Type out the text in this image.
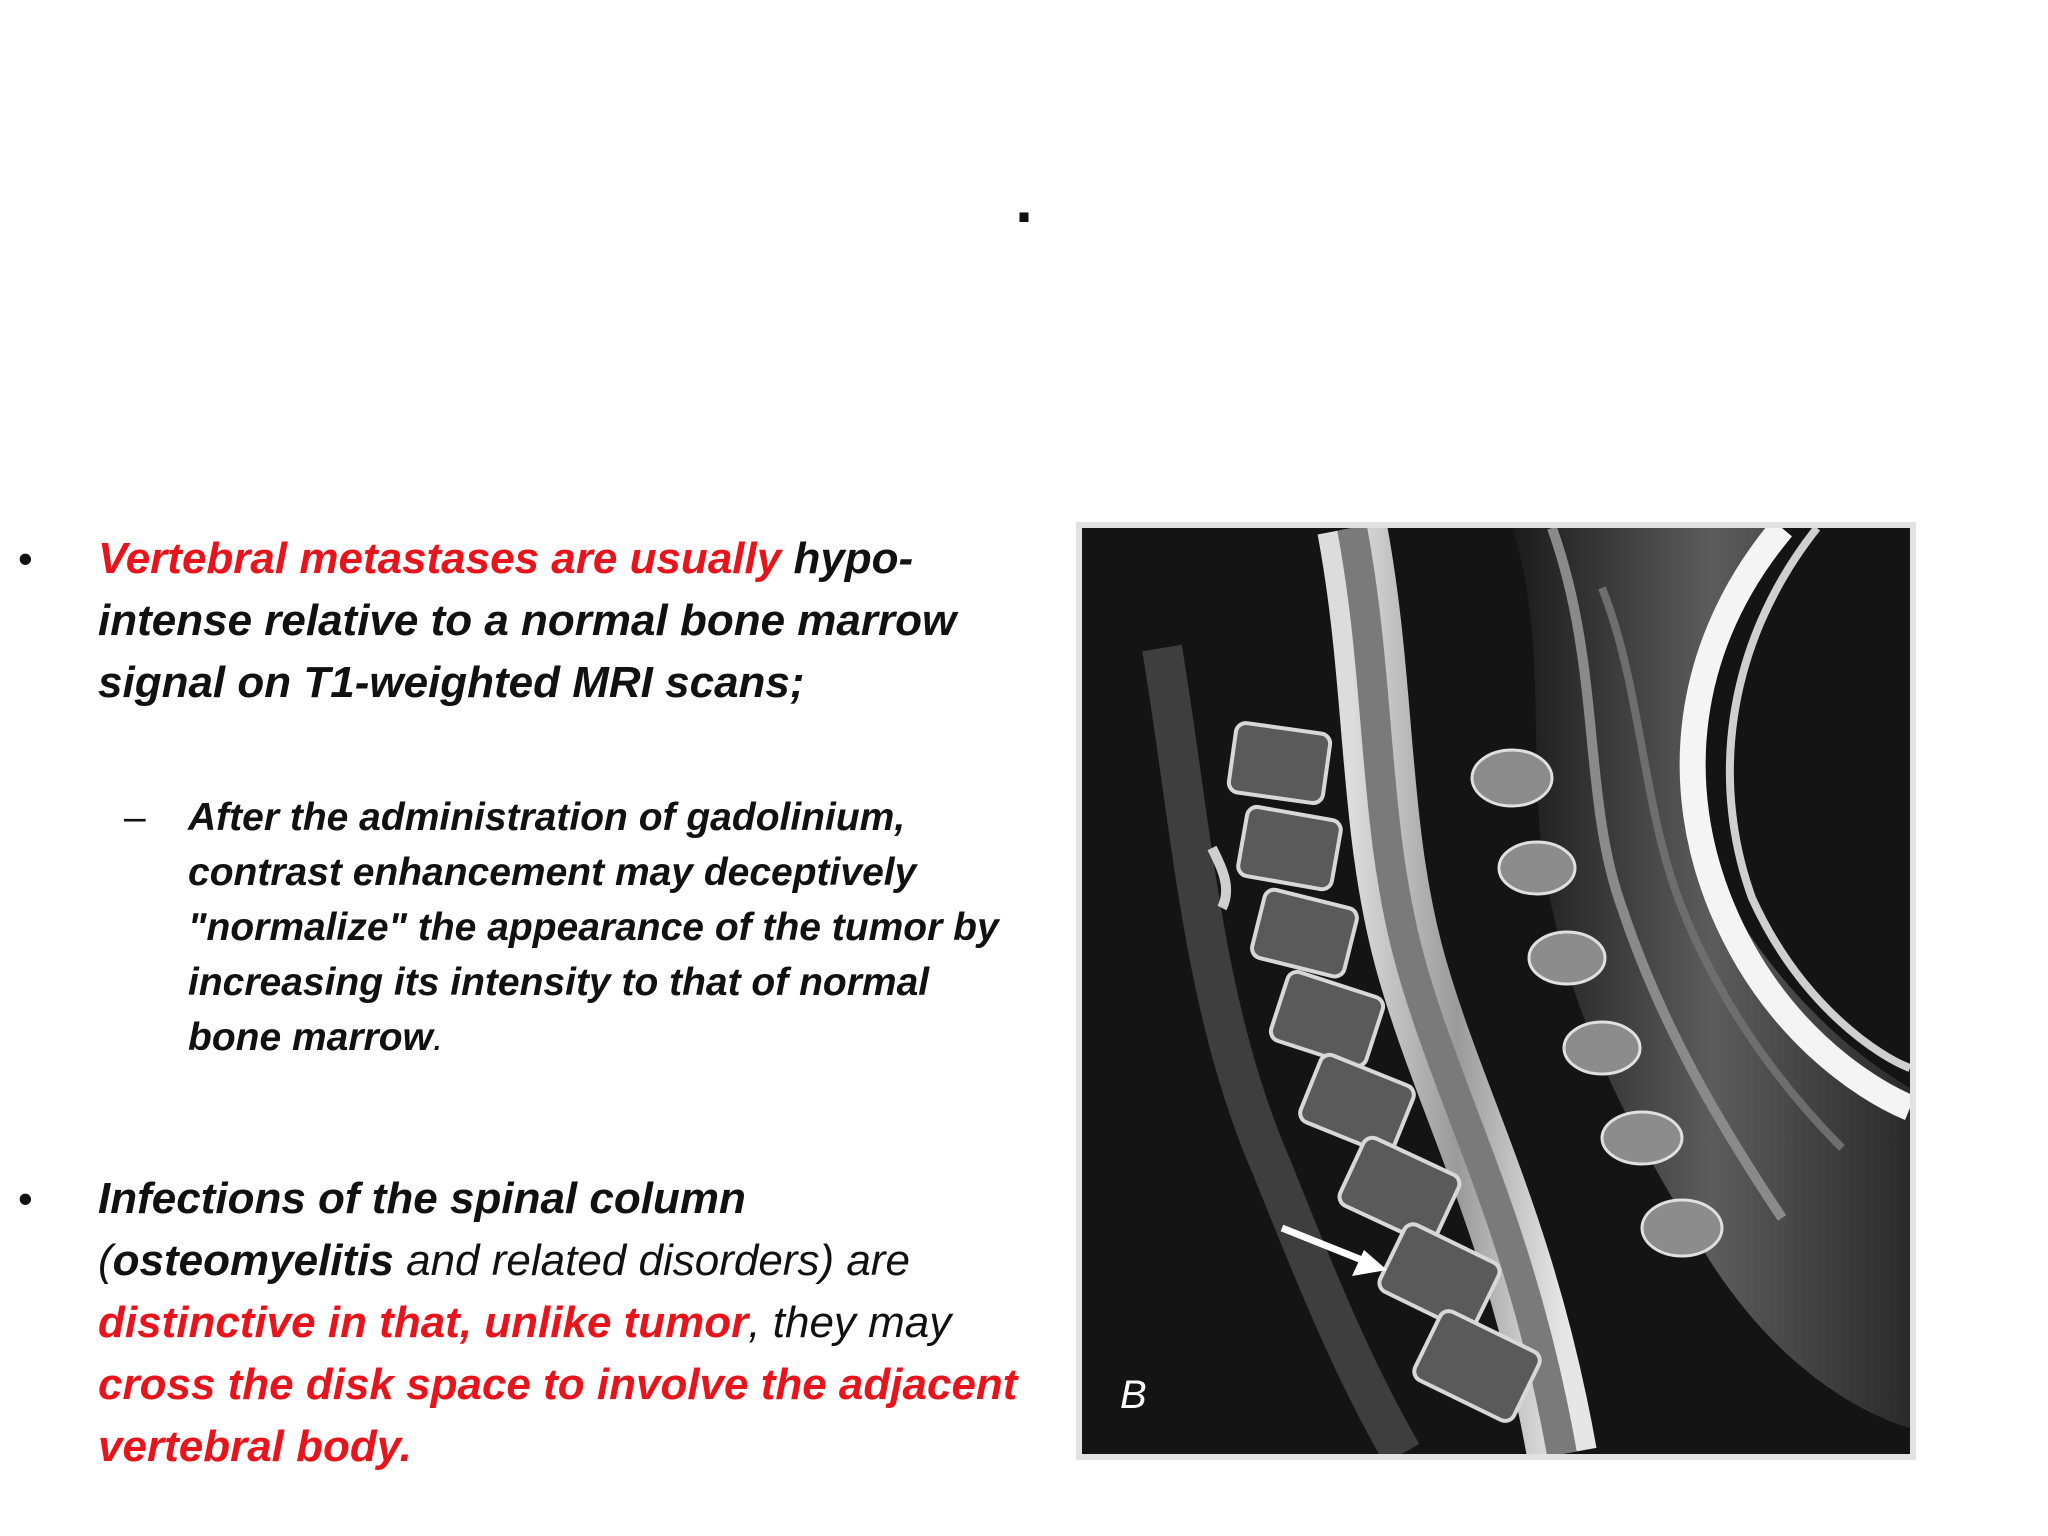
.
• Vertebral metastases are usually hypo-intense relative to a normal bone marrow signal on T1-weighted MRI scans;
– After the administration of gadolinium, contrast enhancement may deceptively "normalize" the appearance of the tumor by increasing its intensity to that of normal bone marrow.
• Infections of the spinal column
(osteomyelitis and related disorders) are distinctive in that, unlike tumor, they may cross the disk space to involve the adjacent vertebral body.
B
